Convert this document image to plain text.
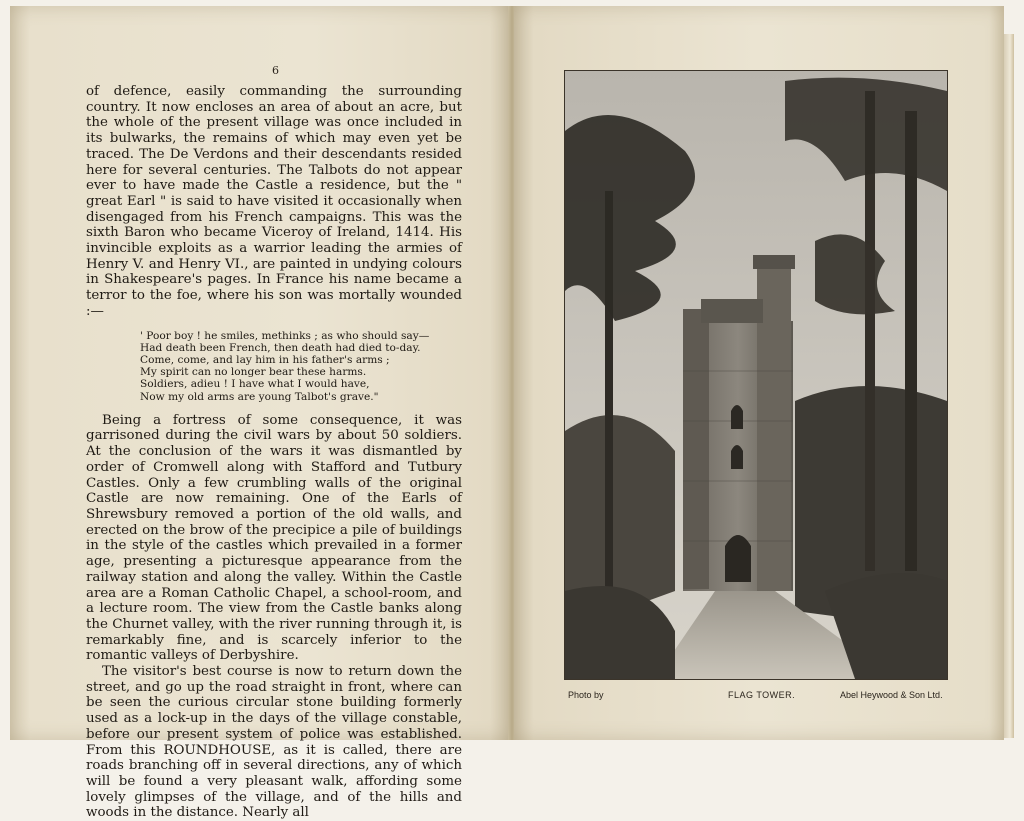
6

of defence, easily commanding the surrounding country. It now encloses an area of about an acre, but the whole of the present village was once included in its bulwarks, the remains of which may even yet be traced. The De Verdons and their descendants resided here for several centuries. The Talbots do not appear ever to have made the Castle a residence, but the " great Earl " is said to have visited it occasionally when disengaged from his French campaigns. This was the sixth Baron who became Viceroy of Ireland, 1414. His invincible exploits as a warrior leading the armies of Henry V. and Henry VI., are painted in undying colours in Shakespeare's pages. In France his name became a terror to the foe, where his son was mortally wounded :—

' Poor boy ! he smiles, methinks ; as who should say—
Had death been French, then death had died to-day.
Come, come, and lay him in his father's arms ;
My spirit can no longer bear these harms.
Soldiers, adieu ! I have what I would have,
Now my old arms are young Talbot's grave."

Being a fortress of some consequence, it was garrisoned during the civil wars by about 50 soldiers. At the conclusion of the wars it was dismantled by order of Cromwell along with Stafford and Tutbury Castles. Only a few crumbling walls of the original Castle are now remaining. One of the Earls of Shrewsbury removed a portion of the old walls, and erected on the brow of the precipice a pile of buildings in the style of the castles which prevailed in a former age, presenting a picturesque appearance from the railway station and along the valley. Within the Castle area are a Roman Catholic Chapel, a school-room, and a lecture room. The view from the Castle banks along the Churnet valley, with the river running through it, is remarkably fine, and is scarcely inferior to the romantic valleys of Derbyshire.

The visitor's best course is now to return down the street, and go up the road straight in front, where can be seen the curious circular stone building formerly used as a lock-up in the days of the village constable, before our present system of police was established. From this ROUNDHOUSE, as it is called, there are roads branching off in several directions, any of which will be found a very pleasant walk, affording some lovely glimpses of the village, and of the hills and woods in the distance. Nearly all

Photo by	FLAG TOWER.	Abel Heywood & Son Ltd.
